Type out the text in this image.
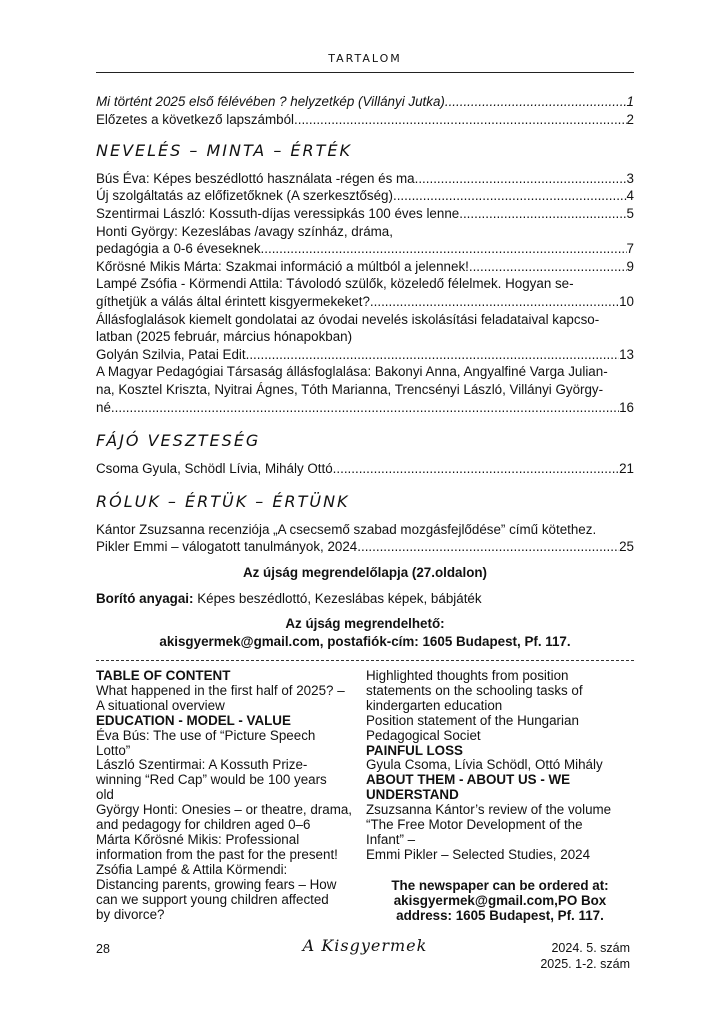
TARTALOM
Mi történt 2025 első félévében ? helyzetkép (Villányi Jutka) .....	1
Előzetes a következő lapszámból .....	2
NEVELÉS – MINTA – ÉRTÉK
Bús Éva: Képes beszédlottó használata -régen és ma .....	3
Új szolgáltatás az előfizetőknek (A szerkesztőség) .....	4
Szentirmai László: Kossuth-díjas veressipkás 100 éves lenne .....	5

Honti György: Kezeslábas /avagy színház, dráma,

pedagógia a 0-6 éveseknek .....	7
Kőrösné Mikis Márta: Szakmai információ a múltból a jelennek! .....	9

Lampé Zsófia - Körmendi Attila: Távolodó szülők, közeledő félelmek. Hogyan se-

gíthetjük a válás által érintett kisgyermekeket? .....	10

Állásfoglalások kiemelt gondolatai az óvodai nevelés iskolásítási feladataival kapcso-

latban (2025 február, március hónapokban)

Golyán Szilvia, Patai Edit .....	13

A Magyar Pedagógiai Társaság állásfoglalása: Bakonyi Anna, Angyalfiné Varga Julian-

na, Kosztel Kriszta, Nyitrai Ágnes, Tóth Marianna, Trencsényi László, Villányi György-

né .....	16
FÁJÓ VESZTESÉG
Csoma Gyula, Schödl Lívia, Mihály Ottó .....	21
RÓLUK – ÉRTÜK – ÉRTÜNK

Kántor Zsuzsanna recenziója „A csecsemő szabad mozgásfejlődése” című kötethez.

Pikler Emmi – válogatott tanulmányok, 2024. .....	25

Az újság megrendelőlapja (27.oldalon)

Borító anyagai: Képes beszédlottó, Kezeslábas képek, bábjáték

Az újság megrendelhető:

akisgyermek@gmail.com, postafiók-cím: 1605 Budapest, Pf. 117.

TABLE OF CONTENT

What happened in the first half of 2025? –

A situational overview

EDUCATION - MODEL - VALUE

Éva Bús: The use of “Picture Speech

Lotto”

László Szentirmai: A Kossuth Prize-

winning “Red Cap” would be 100 years

old

György Honti: Onesies – or theatre, drama,

and pedagogy for children aged 0–6

Márta Kőrösné Mikis: Professional

information from the past for the present!

Zsófia Lampé & Attila Körmendi:

Distancing parents, growing fears – How

can we support young children affected

by divorce?

Highlighted thoughts from position

statements on the schooling tasks of

kindergarten education

Position statement of the Hungarian

Pedagogical Societ

PAINFUL LOSS

Gyula Csoma, Lívia Schödl, Ottó Mihály

ABOUT THEM - ABOUT US - WE

UNDERSTAND

Zsuzsanna Kántor’s review of the volume

“The Free Motor Development of the

Infant” –

Emmi Pikler – Selected Studies, 2024

The newspaper can be ordered at:

akisgyermek@gmail.com,PO Box

address: 1605 Budapest, Pf. 117.

28	A Kisgyermek	2024. 5. szám
2025. 1-2. szám
